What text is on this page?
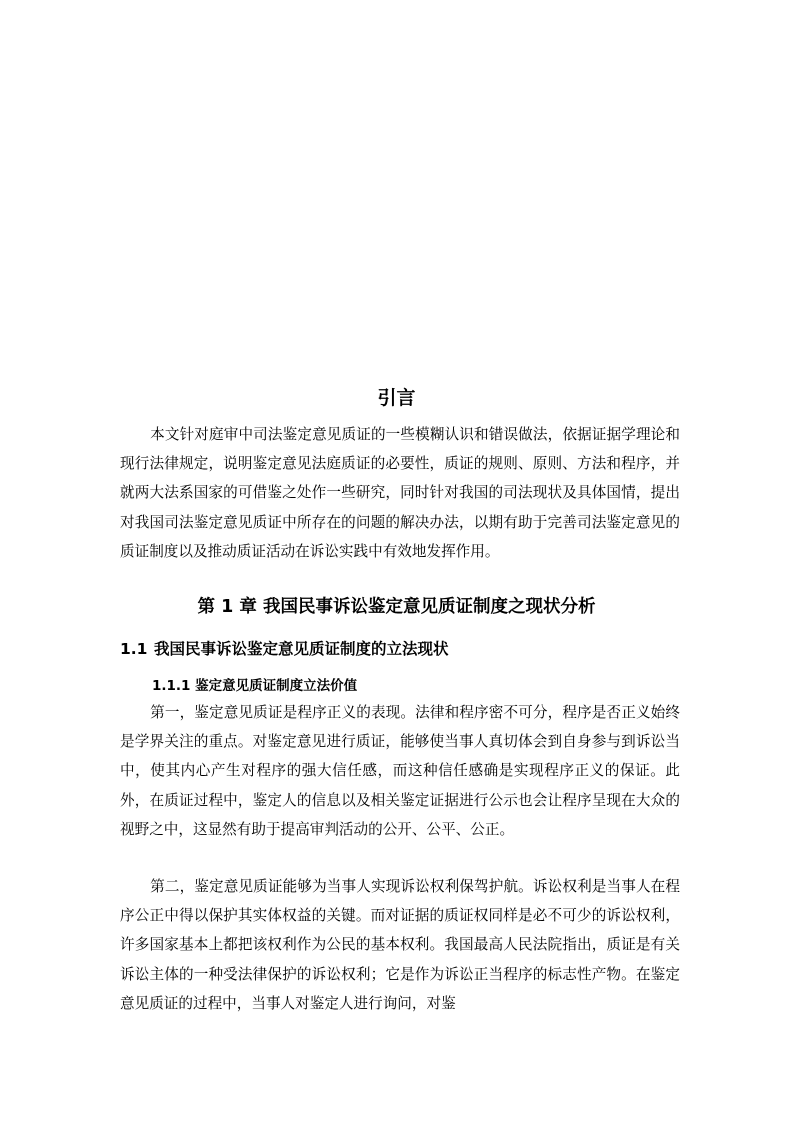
引言
本文针对庭审中司法鉴定意见质证的一些模糊认识和错误做法，依据证据学理论和现行法律规定，说明鉴定意见法庭质证的必要性，质证的规则、原则、方法和程序，并就两大法系国家的可借鉴之处作一些研究，同时针对我国的司法现状及具体国情，提出对我国司法鉴定意见质证中所存在的问题的解决办法，以期有助于完善司法鉴定意见的质证制度以及推动质证活动在诉讼实践中有效地发挥作用。
第 1 章 我国民事诉讼鉴定意见质证制度之现状分析
1.1 我国民事诉讼鉴定意见质证制度的立法现状
1.1.1 鉴定意见质证制度立法价值
第一，鉴定意见质证是程序正义的表现。法律和程序密不可分，程序是否正义始终是学界关注的重点。对鉴定意见进行质证，能够使当事人真切体会到自身参与到诉讼当中，使其内心产生对程序的强大信任感，而这种信任感确是实现程序正义的保证。此外，在质证过程中，鉴定人的信息以及相关鉴定证据进行公示也会让程序呈现在大众的视野之中，这显然有助于提高审判活动的公开、公平、公正。
第二，鉴定意见质证能够为当事人实现诉讼权利保驾护航。诉讼权利是当事人在程序公正中得以保护其实体权益的关键。而对证据的质证权同样是必不可少的诉讼权利，许多国家基本上都把该权利作为公民的基本权利。我国最高人民法院指出，质证是有关诉讼主体的一种受法律保护的诉讼权利；它是作为诉讼正当程序的标志性产物。在鉴定意见质证的过程中，当事人对鉴定人进行询问，对鉴
